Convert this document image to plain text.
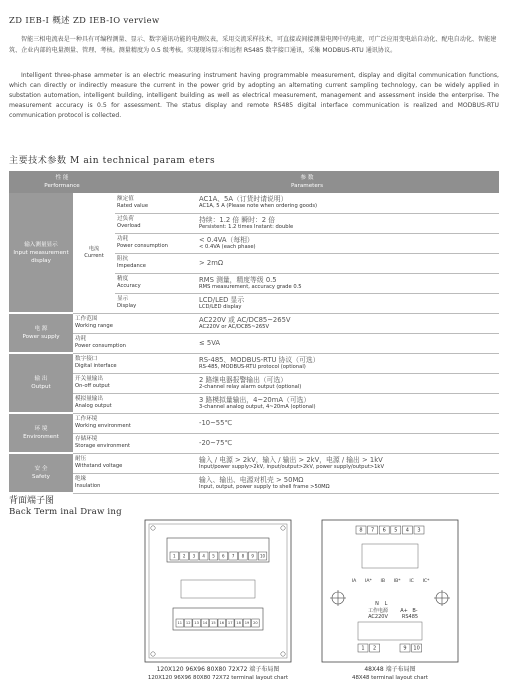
ZD IEB-I 概述 ZD IEB-IO verview
智能三相电流表是一种具有可编程测量、显示、数字通讯功能的电测仪表，采用交流采样技术，可直接或间接测量电网中的电流，可广泛应用变电站自动化、配电自动化、智能建筑、企业内部的电量测量、管理、考核。测量精度为 0.5 级考核。实现现场显示和远程 RS485 数字接口通讯，采集 MODBUS-RTU 通讯协议。
Intelligent three-phase ammeter is an electric measuring instrument having programmable measurement, display and digital communication functions, which can directly or indirectly measure the current in the power grid by adopting an alternating current sampling technology, can be widely applied in substation automation, intelligent building, intelligent building as well as electrical measurement, management and assessment inside the enterprise. The measurement accuracy is 0.5 for assessment. The status display and remote RS485 digital interface communication is realized and MODBUS-RTU communication protocol is collected.
主要技术参数 M ain technical param eters
性 能
Performance		参 数
Parameters	
输入测量显示
Input measurement display	电流
Current	额定值
Rated value	AC1A、5A（订货时请说明）
AC1A, 5 A (Please note when ordering goods)

		过负荷
Overload	持续：1.2 倍 瞬时：2 倍
Persistent: 1.2 times Instant: double

		功耗
Power consumption	< 0.4VA（每相）
< 0.4VA (each phase)

		阻抗
Impedance	> 2mΩ

		精度
Accuracy	RMS 测量，精度等级 0.5
RMS measurement, accuracy grade 0.5

		显示
Display	LCD/LED 显示
LCD/LED display
电 源
Power supply	工作范围
Working range		AC220V 或 AC/DC85~265V
AC220V or AC/DC85~265V

	功耗
Power consumption		≤ 5VA

输 出
Output	数字接口
Digital interface		RS-485、MODBUS-RTU 协议（可选）
RS-485, MODBUS-RTU protocol (optional)

	开关量输出
On-off output		2 路继电器报警输出（可选）
2-channel relay alarm output (optional)

	模拟量输出
Analog output		3 路模拟量输出，4~20mA（可选）
3-channel analog output, 4~20mA (optional)
环 境
Environment	工作环境
Working environment		-10~55℃

	存储环境
Storage environment		-20~75℃

安 全
Safety	耐压
Withstand voltage		输入 / 电源 > 2kV，输入 / 输出 > 2kV，电源 / 输出 > 1kV
Input/power supply>2kV, input/output>2kV, power supply/output>1kV

	绝缘
Insulation		输入、输出、电源对机壳 > 50MΩ
Input, output, power supply to shell frame >50MΩ
背面端子图
Back Term inal Draw ing
1 2 3 4 5 6 7 8 9 10
11 12 13 14 15 16 17 18 19 20
120X120 96X96 80X80 72X72 端子布局图
120X120 96X96 80X80 72X72 terminal layout chart
8 7 6 5 4 3
IA IA* IB IB* IC IC*
N L
工作电源
AC220V
A+ B-
RS485
1 2	9 10
48X48 端子布局图
48X48 terminal layout chart
